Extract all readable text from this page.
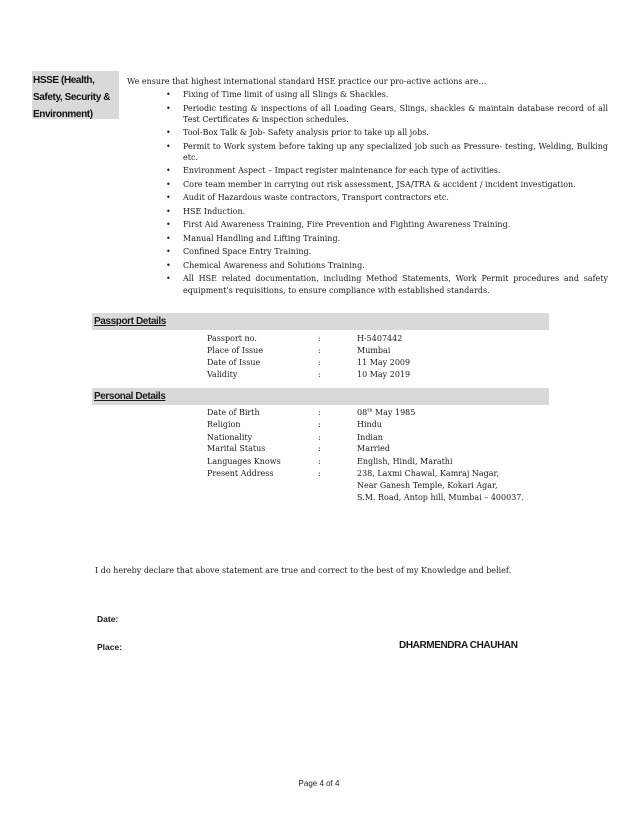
HSSE (Health,
Safety, Security &
Environment)
We ensure that highest international standard HSE practice our pro-active actions are…
• Fixing of Time limit of using all Slings & Shackles.
• Periodic testing & inspections of all Loading Gears, Slings, shackles & maintain database record of all Test Certificates & inspection schedules.
• Tool-Box Talk & Job- Safety analysis prior to take up all jobs.
• Permit to Work system before taking up any specialized job such as Pressure- testing, Welding, Bulking etc.
• Environment Aspect – Impact register maintenance for each type of activities.
• Core team member in carrying out risk assessment, JSA/TRA & accident / incident investigation.
• Audit of Hazardous waste contractors, Transport contractors etc.
• HSE Induction.
• First Aid Awareness Training, Fire Prevention and Fighting Awareness Training.
• Manual Handling and Lifting Training.
• Confined Space Entry Training.
• Chemical Awareness and Solutions Training.
• All HSE related documentation, including Method Statements, Work Permit procedures and safety equipment's requisitions, to ensure compliance with established standards.
Passport Details
Passport no.	:	H-5407442
Place of Issue	:	Mumbai
Date of Issue	:	11 May 2009
Validity	:	10 May 2019
Personal Details
Date of Birth	:	08th May 1985
Religion	:	Hindu
Nationality	:	Indian
Marital Status	:	Married
Languages Knows	:	English, Hindi, Marathi
Present Address	:	238, Laxmi Chawal, Kamraj Nagar,
Near Ganesh Temple, Kokari Agar,
S.M. Road, Antop hill, Mumbai – 400037.
I do hereby declare that above statement are true and correct to the best of my Knowledge and belief.
Date:
Place:	DHARMENDRA CHAUHAN
Page 4 of 4
